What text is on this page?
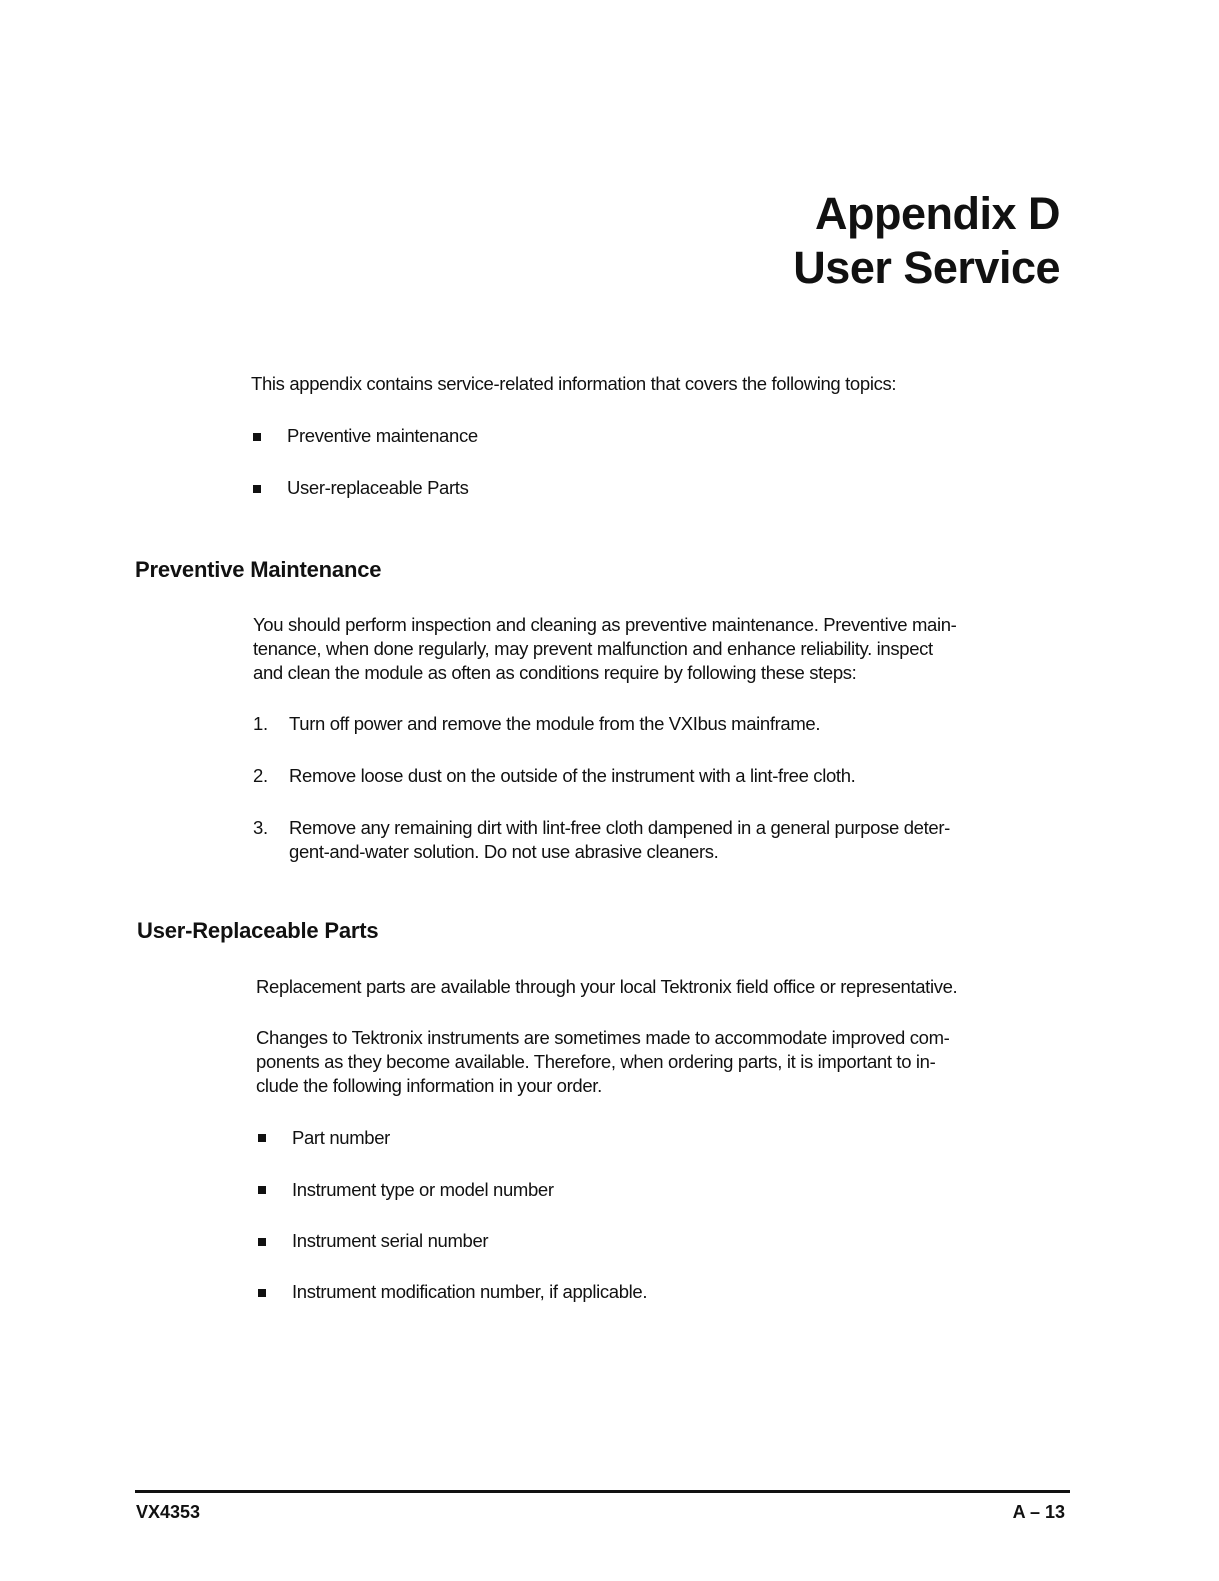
Appendix D
User Service
This appendix contains service-related information that covers the following topics:
Preventive maintenance
User-replaceable Parts
Preventive Maintenance
You should perform inspection and cleaning as preventive maintenance. Preventive main-
tenance, when done regularly, may prevent malfunction and enhance reliability. inspect
and clean the module as often as conditions require by following these steps:
1. Turn off power and remove the module from the VXIbus mainframe.
2. Remove loose dust on the outside of the instrument with a lint-free cloth.
3. Remove any remaining dirt with lint-free cloth dampened in a general purpose deter-
gent-and-water solution. Do not use abrasive cleaners.
User-Replaceable Parts
Replacement parts are available through your local Tektronix field office or representative.
Changes to Tektronix instruments are sometimes made to accommodate improved com-
ponents as they become available. Therefore, when ordering parts, it is important to in-
clude the following information in your order.
Part number
Instrument type or model number
Instrument serial number
Instrument modification number, if applicable.
VX4353	A – 13
